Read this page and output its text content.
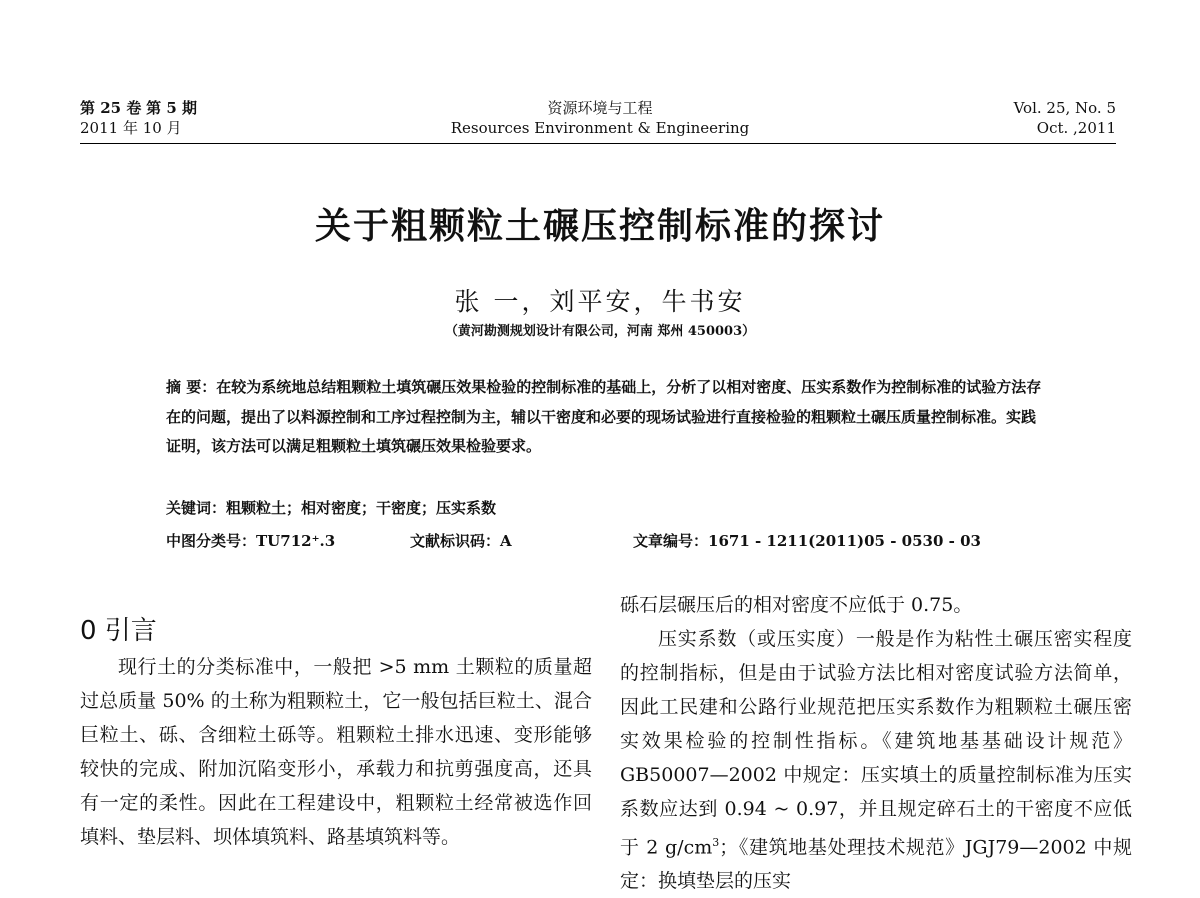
第 25 卷 第 5 期
2011 年 10 月
资源环境与工程
Resources Environment & Engineering
Vol. 25, No. 5
Oct. ,2011
关于粗颗粒土碾压控制标准的探讨
张 一，刘平安，牛书安
（黄河勘测规划设计有限公司，河南 郑州 450003）
摘 要：在较为系统地总结粗颗粒土填筑碾压效果检验的控制标准的基础上，分析了以相对密度、压实系数作为控制标准的试验方法存在的问题，提出了以料源控制和工序过程控制为主，辅以干密度和必要的现场试验进行直接检验的粗颗粒土碾压质量控制标准。实践证明，该方法可以满足粗颗粒土填筑碾压效果检验要求。
关键词：粗颗粒土；相对密度；干密度；压实系数
中图分类号：TU712⁺.3	文献标识码：A	文章编号：1671 - 1211(2011)05 - 0530 - 03
0 引言

现行土的分类标准中，一般把 >5 mm 土颗粒的质量超过总质量 50% 的土称为粗颗粒土，它一般包括巨粒土、混合巨粒土、砾、含细粒土砾等。粗颗粒土排水迅速、变形能够较快的完成、附加沉陷变形小，承载力和抗剪强度高，还具有一定的柔性。因此在工程建设中，粗颗粒土经常被选作回填料、垫层料、坝体填筑料、路基填筑料等。

砾石层碾压后的相对密度不应低于 0.75。

压实系数（或压实度）一般是作为粘性土碾压密实程度的控制指标，但是由于试验方法比相对密度试验方法简单，因此工民建和公路行业规范把压实系数作为粗颗粒土碾压密实效果检验的控制性指标。《建筑地基基础设计规范》GB50007—2002 中规定：压实填土的质量控制标准为压实系数应达到 0.94 ~ 0.97，并且规定碎石土的干密度不应低于 2 $g/cm^3$；《建筑地基处理技术规范》JGJ79—2002 中规定：换填垫层的压实
